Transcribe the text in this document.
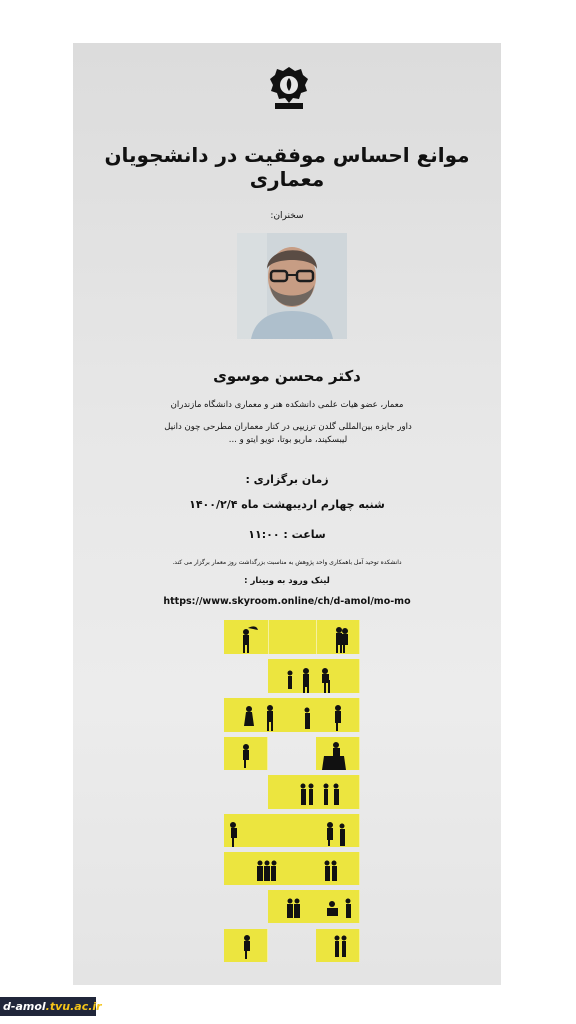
موانع احساس موفقیت در دانشجویان معماری
سخنران:
دکتر محسن موسوی
معمار، عضو هیات علمی دانشکده هنر و معماری دانشگاه مازندران
داور جایزه بین‌المللی گلدن ترزیپی در کنار معماران مطرحی چون دانیل لیبسکیند، ماریو بوتا، تویو ایتو و ...
زمان برگزاری :
شنبه چهارم اردیبهشت ماه ۱۴۰۰/۲/۴
ساعت : ۱۱:۰۰
دانشکده توحید آمل باهمکاری واحد پژوهش به مناسبت بزرگداشت روز معمار برگزار می کند.
لینک ورود به وبینار :
https://www.skyroom.online/ch/d-amol/mo-mo
d-amol.tvu.ac.ir
